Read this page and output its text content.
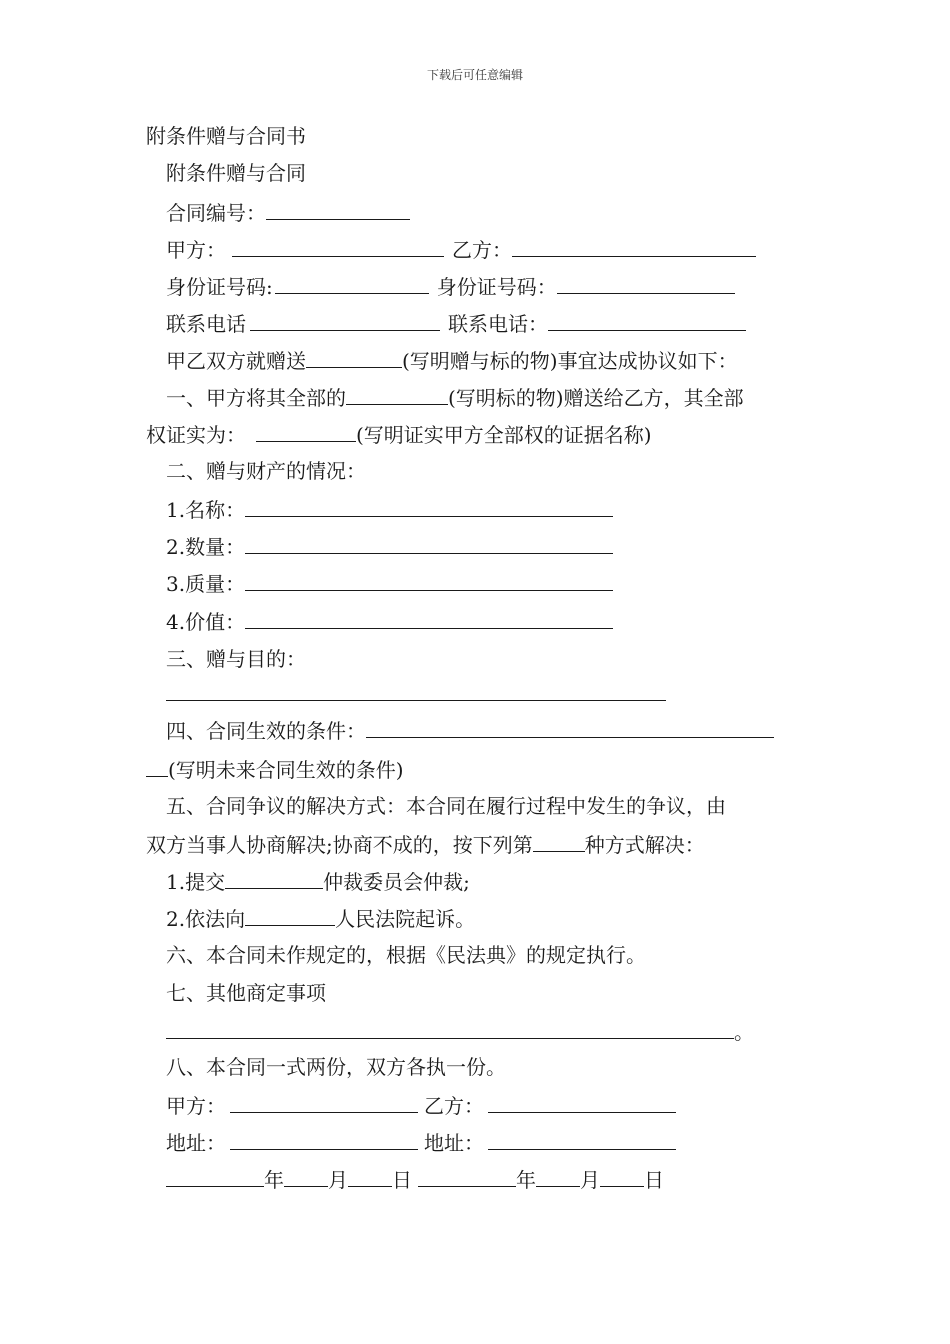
下载后可任意编辑
附条件赠与合同书
附条件赠与合同
合同编号：
甲方：	乙方：
身份证号码:	身份证号码：
联系电话	联系电话：
甲乙双方就赠送	(写明赠与标的物)事宜达成协议如下：
一、甲方将其全部的	(写明标的物)赠送给乙方，其全部
权证实为：	(写明证实甲方全部权的证据名称)
二、赠与财产的情况：
1.名称：
2.数量：
3.质量：
4.价值：
三、赠与目的：
四、合同生效的条件：
(写明未来合同生效的条件)
五、合同争议的解决方式：本合同在履行过程中发生的争议，由
双方当事人协商解决;协商不成的，按下列第	种方式解决：
1.提交	仲裁委员会仲裁;
2.依法向	人民法院起诉。
六、本合同未作规定的，根据《民法典》的规定执行。
七、其他商定事项
。
八、本合同一式两份，双方各执一份。
甲方：	乙方：
地址：	地址：
年 月 日	年 月 日
